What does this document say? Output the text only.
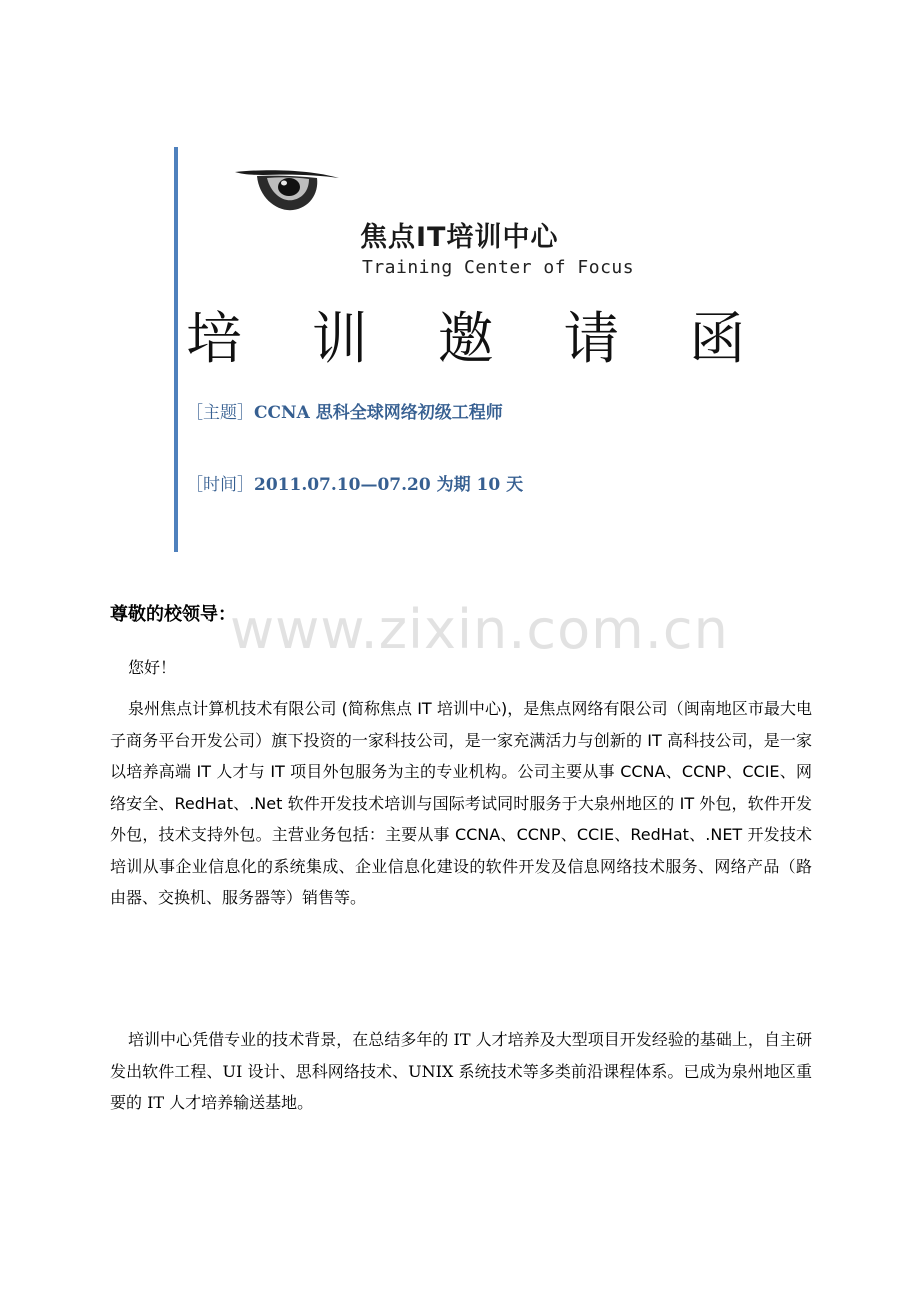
焦点IT培训中心
Training Center of Focus
培 训 邀 请 函
［主题］CCNA 思科全球网络初级工程师
［时间］2011.07.10—07.20 为期 10 天
www.zixin.com.cn
尊敬的校领导：
您好！

泉州焦点计算机技术有限公司 (简称焦点 IT 培训中心)，是焦点网络有限公司（闽南地区市最大电子商务平台开发公司）旗下投资的一家科技公司，是一家充满活力与创新的 IT 高科技公司，是一家以培养高端 IT 人才与 IT 项目外包服务为主的专业机构。公司主要从事 CCNA、CCNP、CCIE、网络安全、RedHat、.Net 软件开发技术培训与国际考试同时服务于大泉州地区的 IT 外包，软件开发外包，技术支持外包。主营业务包括：主要从事 CCNA、CCNP、CCIE、RedHat、.NET 开发技术培训从事企业信息化的系统集成、企业信息化建设的软件开发及信息网络技术服务、网络产品（路由器、交换机、服务器等）销售等。

培训中心凭借专业的技术背景，在总结多年的 IT 人才培养及大型项目开发经验的基础上，自主研发出软件工程、UI 设计、思科网络技术、UNIX 系统技术等多类前沿课程体系。已成为泉州地区重要的 IT 人才培养输送基地。
